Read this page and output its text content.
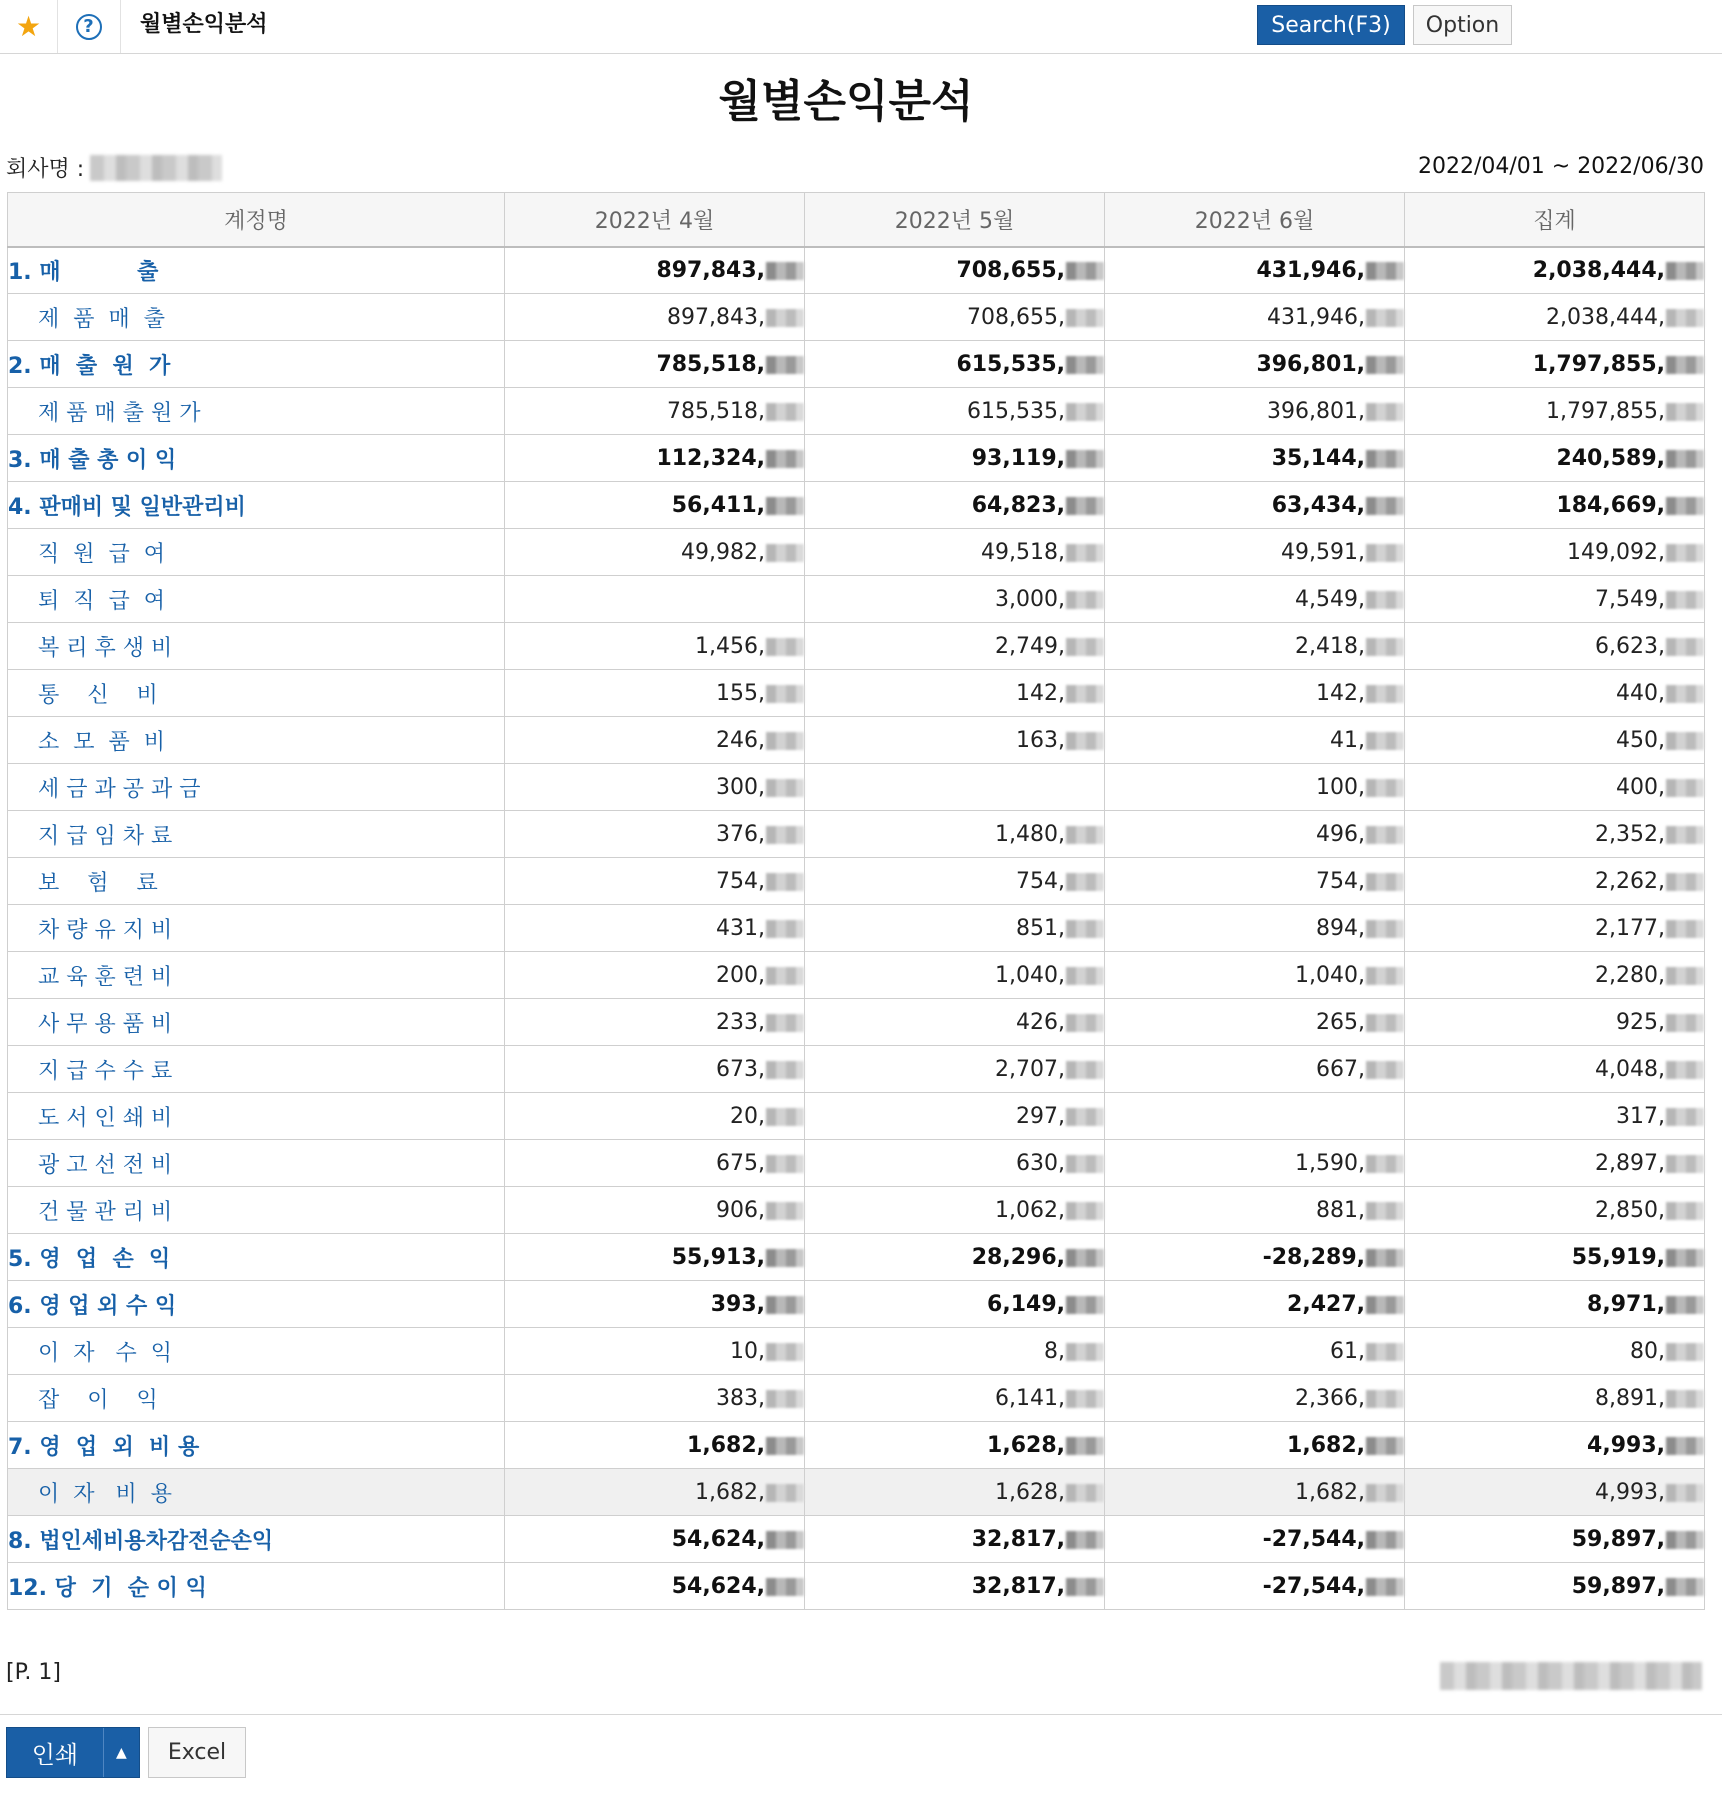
★	?	월별손익분석	Search(F3)	Option
월별손익분석
회사명 :	2022/04/01 ~ 2022/06/30
계정명	2022년 4월	2022년 5월	2022년 6월	집계
1. 매          출	897,843,	708,655,	431,946,	2,038,444,
제  품  매  출	897,843,	708,655,	431,946,	2,038,444,
2. 매  출  원  가	785,518,	615,535,	396,801,	1,797,855,
제 품 매 출 원 가	785,518,	615,535,	396,801,	1,797,855,
3. 매 출 총 이 익	112,324,	93,119,	35,144,	240,589,
4. 판매비 및 일반관리비	56,411,	64,823,	63,434,	184,669,
직  원  급  여	49,982,	49,518,	49,591,	149,092,
퇴  직  급  여		3,000,	4,549,	7,549,
복 리 후 생 비	1,456,	2,749,	2,418,	6,623,
통    신    비	155,	142,	142,	440,
소  모  품  비	246,	163,	41,	450,
세 금 과 공 과 금	300,		100,	400,
지 급 임 차 료	376,	1,480,	496,	2,352,
보    험    료	754,	754,	754,	2,262,
차 량 유 지 비	431,	851,	894,	2,177,
교 육 훈 련 비	200,	1,040,	1,040,	2,280,
사 무 용 품 비	233,	426,	265,	925,
지 급 수 수 료	673,	2,707,	667,	4,048,
도 서 인 쇄 비	20,	297,		317,
광 고 선 전 비	675,	630,	1,590,	2,897,
건 물 관 리 비	906,	1,062,	881,	2,850,
5. 영  업  손  익	55,913,	28,296,	-28,289,	55,919,
6. 영 업 외 수 익	393,	6,149,	2,427,	8,971,
이  자   수  익	10,	8,	61,	80,
잡    이    익	383,	6,141,	2,366,	8,891,
7. 영  업  외  비 용	1,682,	1,628,	1,682,	4,993,
이  자   비  용	1,682,	1,628,	1,682,	4,993,
8. 법인세비용차감전순손익	54,624,	32,817,	-27,544,	59,897,
12. 당  기  순 이 익	54,624,	32,817,	-27,544,	59,897,
[P. 1]
인쇄	▲	Excel
